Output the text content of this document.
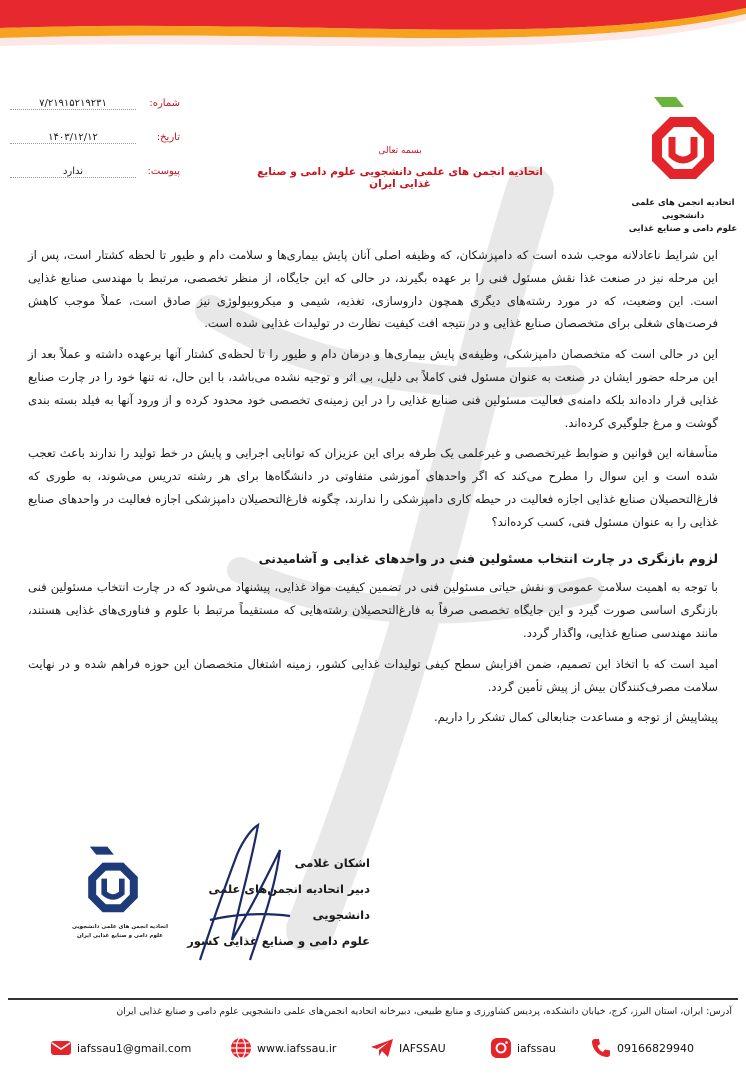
اتحادیه انجمن های علمی دانشجویی
علوم دامی و صنایع غذایی
بسمه تعالی
اتحادیه انجمن های علمی دانشجویی علوم دامی و صنایع غذایی ایران
شماره:
۷/۲۱۹۱۵۲۱۹۲۳۱
تاریخ:
۱۴۰۳/۱۲/۱۲
پیوست:
ندارد

این شرایط ناعادلانه موجب شده است که دامپزشکان، که وظیفه اصلی آنان پایش بیماری‌ها و سلامت دام و طیور تا لحظه کشتار است، پس از این مرحله نیز در صنعت غذا نقش مسئول فنی را بر عهده بگیرند، در حالی که این جایگاه، از منظر تخصصی، مرتبط با مهندسی صنایع غذایی است. این وضعیت، که در مورد رشته‌های دیگری همچون داروسازی، تغذیه، شیمی و میکروبیولوژی نیز صادق است، عملاً موجب کاهش فرصت‌های شغلی برای متخصصان صنایع غذایی و در نتیجه افت کیفیت نظارت در تولیدات غذایی شده است.

این در حالی است که متخصصان دامپزشکی، وظیفه‌ی پایش بیماری‌ها و درمان دام و طیور را تا لحظه‌ی کشتار آنها برعهده داشته و عملاً بعد از این مرحله حضور ایشان در صنعت به عنوان مسئول فنی کاملاً بی دلیل، بی اثر و توجیه نشده می‌باشد، با این حال، نه تنها خود را در چارت صنایع غذایی قرار داده‌اند بلکه دامنه‌ی فعالیت مسئولین فنی صنایع غذایی را در این زمینه‌ی تخصصی خود محدود کرده و از ورود آنها به فیلد بسته بندی گوشت و مرغ جلوگیری کرده‌اند.

متأسفانه این قوانین و ضوابط غیرتخصصی و غیرعلمی یک طرفه برای این عزیزان که توانایی اجرایی و پایش در خط تولید را ندارند باعث تعجب شده است و این سوال را مطرح می‌کند که اگر واحدهای آموزشی متفاوتی در دانشگاه‌ها برای هر رشته تدریس می‌شوند، به طوری که فارغ‌التحصیلان صنایع غذایی اجازه فعالیت در حیطه کاری دامپزشکی را ندارند، چگونه فارغ‌التحصیلان دامپزشکی اجازه فعالیت در واحدهای صنایع غذایی را به عنوان مسئول فنی، کسب کرده‌اند؟

لزوم بازنگری در چارت انتخاب مسئولین فنی در واحدهای غذایی و آشامیدنی

با توجه به اهمیت سلامت عمومی و نقش حیاتی مسئولین فنی در تضمین کیفیت مواد غذایی، پیشنهاد می‌شود که در چارت انتخاب مسئولین فنی بازنگری اساسی صورت گیرد و این جایگاه تخصصی صرفاً به فارغ‌التحصیلان رشته‌هایی که مستقیماً مرتبط با علوم و فناوری‌های غذایی هستند، مانند مهندسی صنایع غذایی، واگذار گردد.

امید است که با اتخاذ این تصمیم، ضمن افزایش سطح کیفی تولیدات غذایی کشور، زمینه اشتغال متخصصان این حوزه فراهم شده و در نهایت سلامت مصرف‌کنندگان بیش از پیش تأمین گردد.

پیشاپیش از توجه و مساعدت جنابعالی کمال تشکر را داریم.

اتحادیه انجمن های علمی دانشجویی
علوم دامی و صنایع غذایی ایران
اشکان غلامی
دبیر اتحادیه انجمن‌های علمی دانشجویی
علوم دامی و صنایع غذایی کشور
آدرس: ایران، استان البرز، کرج، خیابان دانشکده، پردیس کشاورزی و منابع طبیعی، دبیرخانه اتحادیه انجمن‌های علمی دانشجویی علوم دامی و صنایع غذایی ایران
iafssau1@gmail.com	www.iafssau.ir	IAFSSAU	iafssau	09166829940
